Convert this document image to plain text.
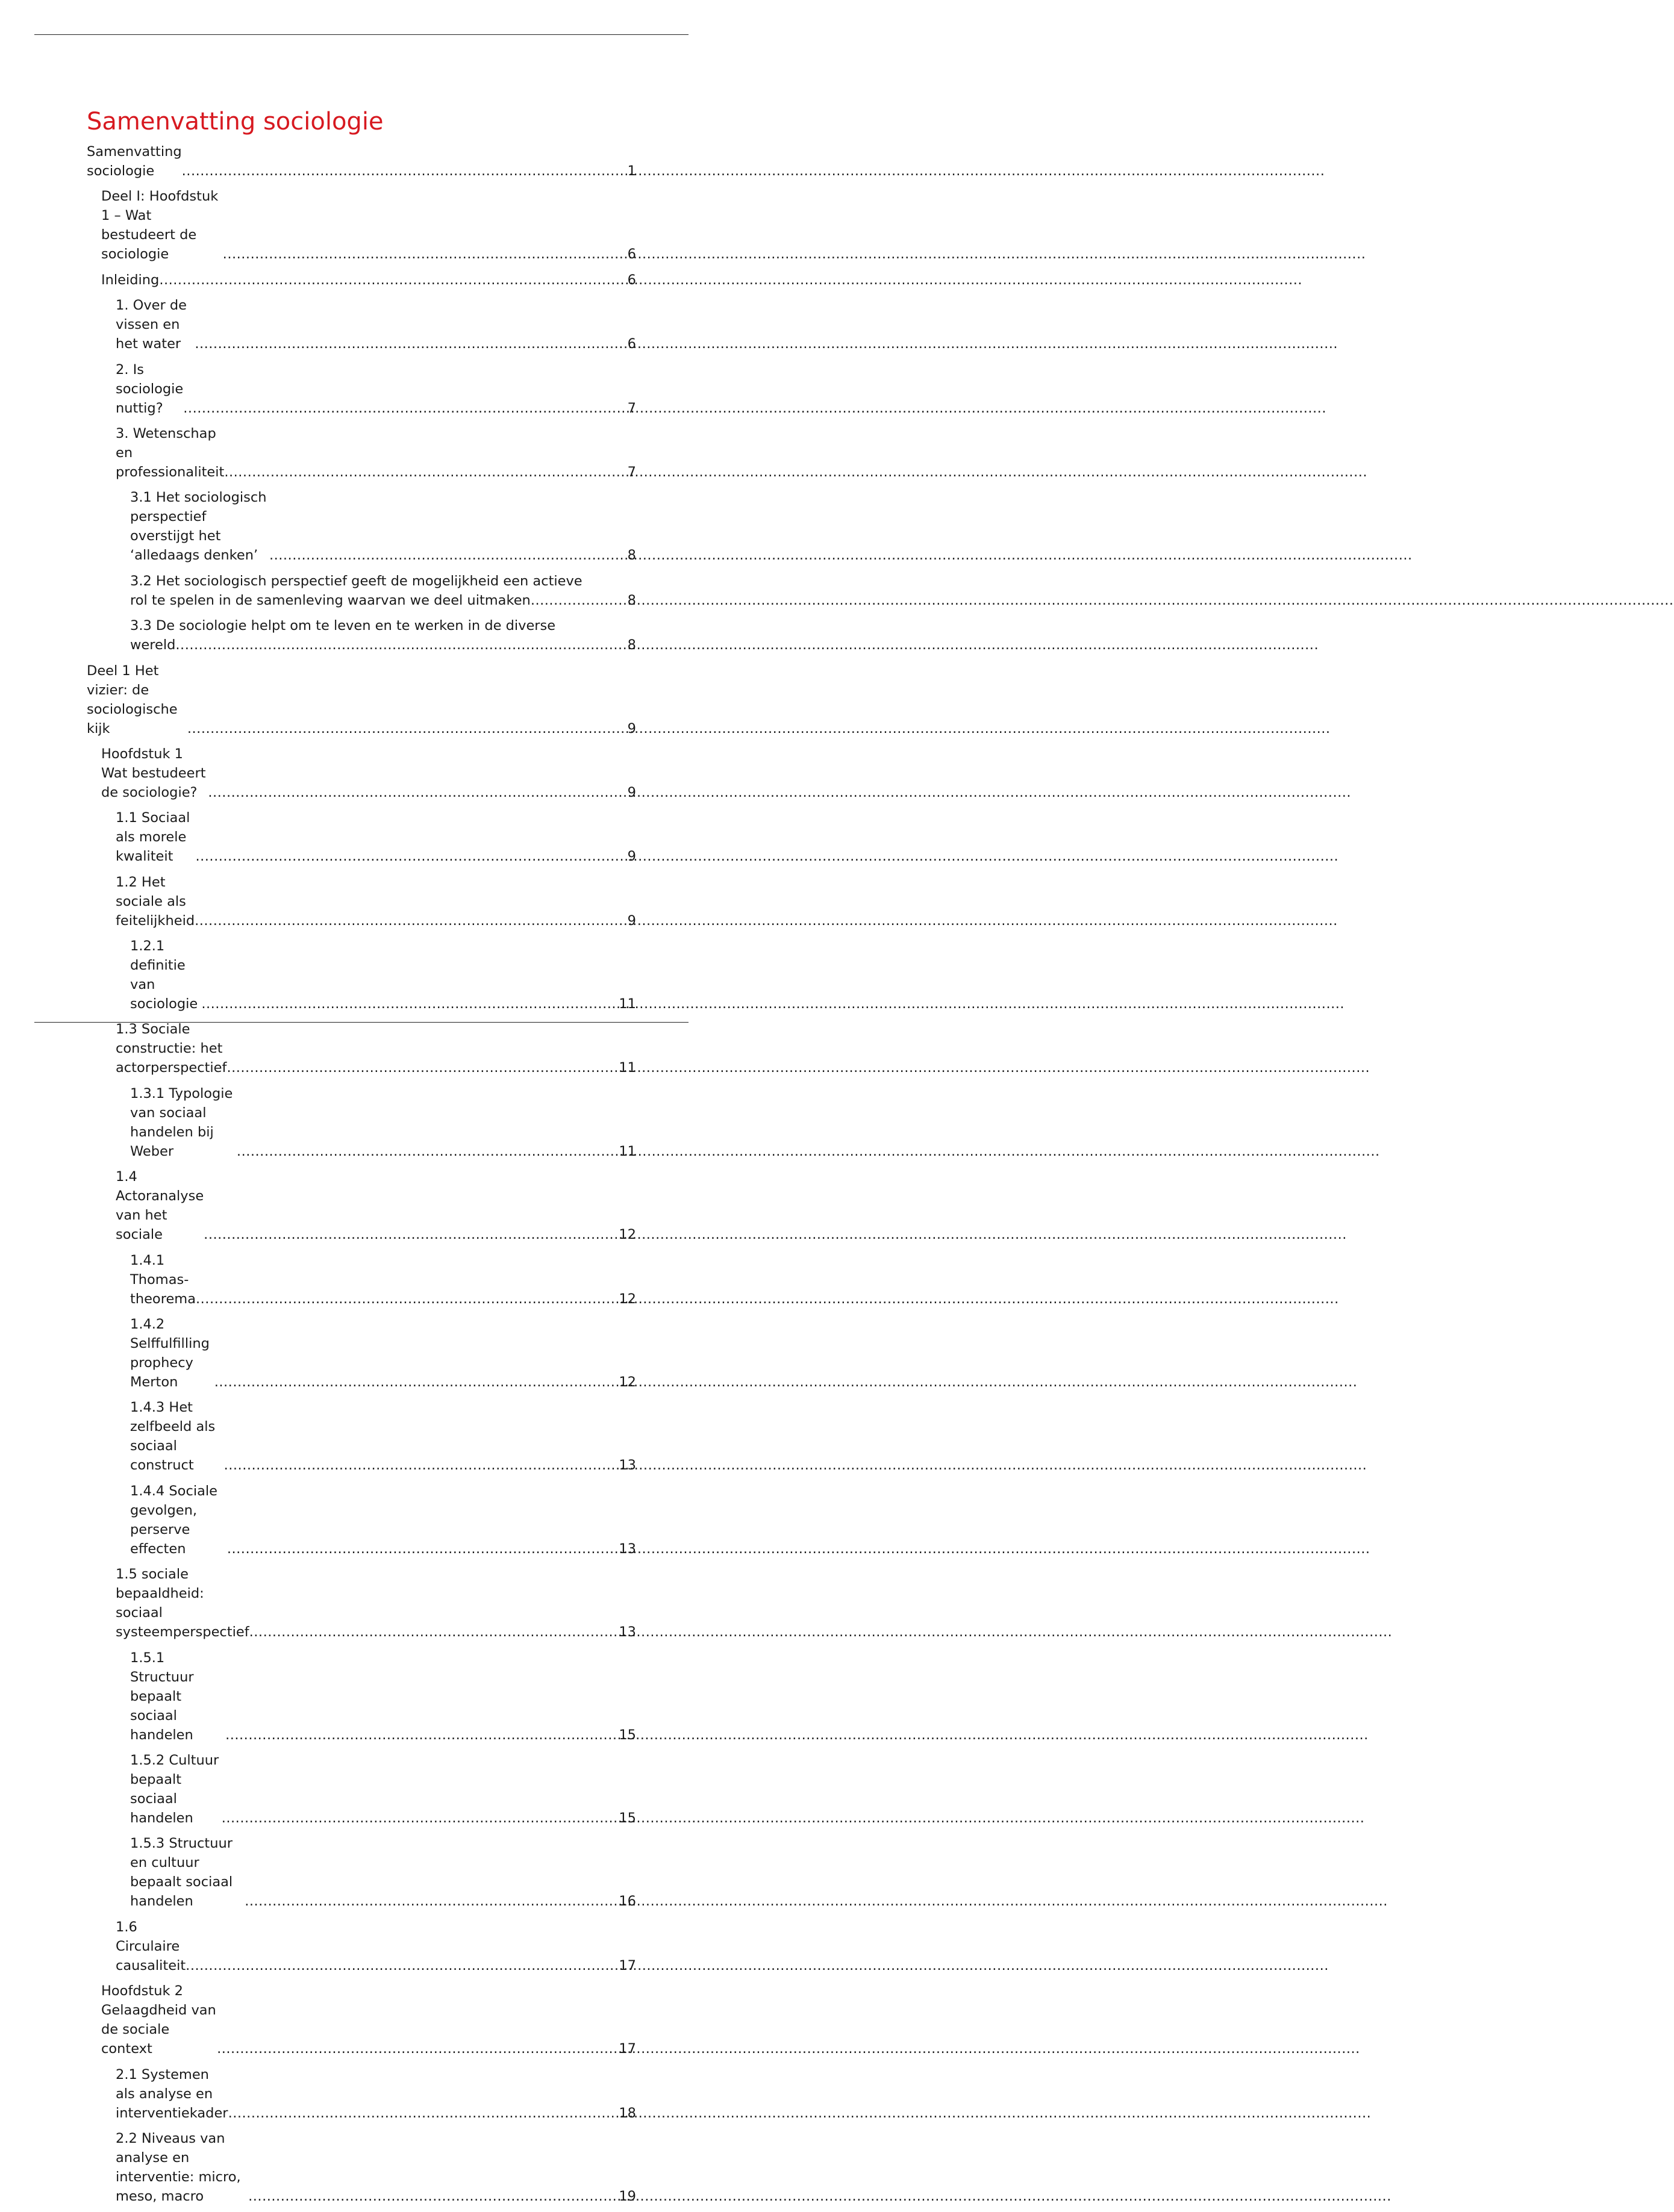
Samenvatting sociologie
Samenvatting sociologie .....	1
Deel I: Hoofdstuk 1 – Wat bestudeert de sociologie .....	6
Inleiding .....	6
1. Over de vissen en het water .....	6
2. Is sociologie nuttig? .....	7
3. Wetenschap en professionaliteit .....	7
3.1 Het sociologisch perspectief overstijgt het ‘alledaags denken’ .....	8
3.2 Het sociologisch perspectief geeft de mogelijkheid een actieve
rol te spelen in de samenleving waarvan we deel uitmaken .....	8
3.3 De sociologie helpt om te leven en te werken in de diverse
wereld .....	8
Deel 1 Het vizier: de sociologische kijk .....	9
Hoofdstuk 1 Wat bestudeert de sociologie? .....	9
1.1 Sociaal als morele kwaliteit .....	9
1.2 Het sociale als feitelijkheid .....	9
1.2.1 definitie van sociologie .....	11
1.3 Sociale constructie: het actorperspectief .....	11
1.3.1 Typologie van sociaal handelen bij Weber .....	11
1.4 Actoranalyse van het sociale .....	12
1.4.1 Thomas-theorema .....	12
1.4.2 Selffulfilling prophecy Merton .....	12
1.4.3 Het zelfbeeld als sociaal construct .....	13
1.4.4 Sociale gevolgen, perserve effecten .....	13
1.5 sociale bepaaldheid: sociaal systeemperspectief .....	13
1.5.1 Structuur bepaalt sociaal handelen .....	15
1.5.2 Cultuur bepaalt sociaal handelen .....	15
1.5.3 Structuur en cultuur bepaalt sociaal handelen .....	16
1.6 Circulaire causaliteit .....	17
Hoofdstuk 2 Gelaagdheid van de sociale context .....	17
2.1 Systemen als analyse en interventiekader .....	18
2.2 Niveaus van analyse en interventie: micro, meso, macro .....	19
